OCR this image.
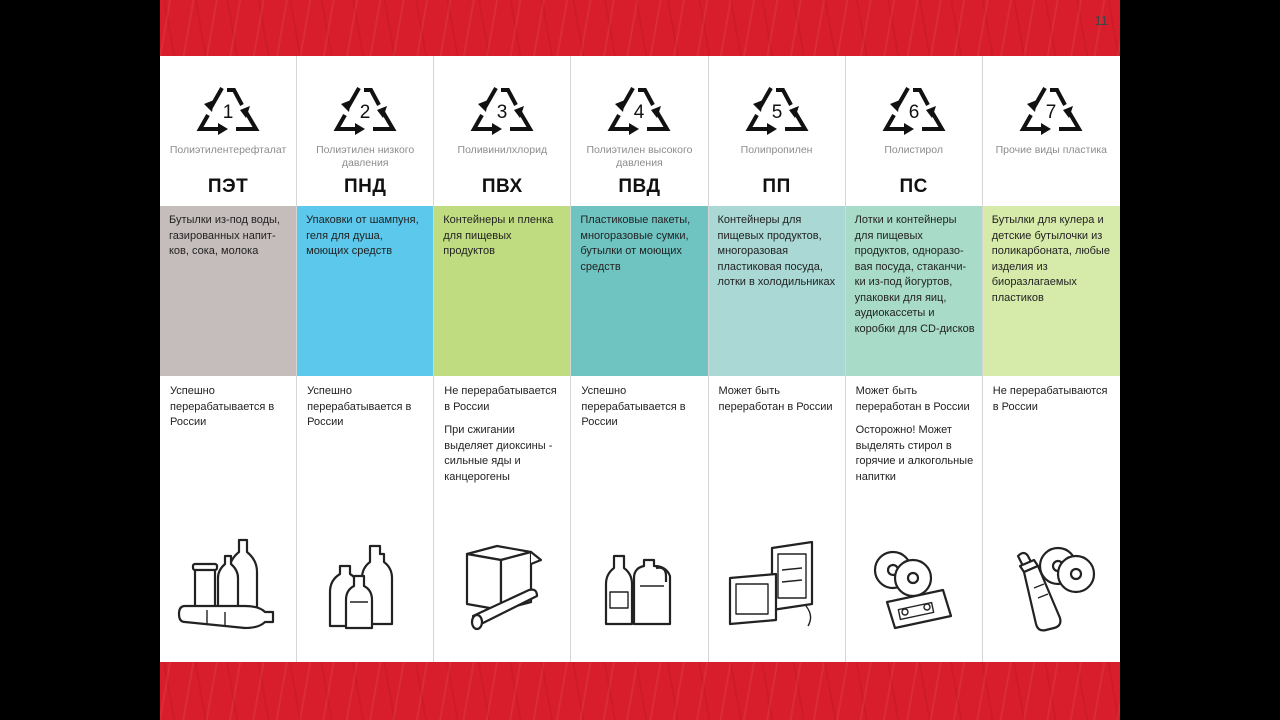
11
1
Полиэтилентерефталат
ПЭТ
Бутылки из-под воды, газированных напит-ков, сока, молока
Успешно перерабатывается в России
2
Полиэтилен низкого давления
ПНД
Упаковки от шампуня, геля для душа, моющих средств
Успешно перерабатывается в России
3
Поливинилхлорид
ПВХ
Контейнеры и пленка для пищевых продуктов
Не перерабатывается в России
При сжигании выделяет диоксины - сильные яды и канцерогены
4
Полиэтилен высокого давления
ПВД
Пластиковые пакеты, многоразовые сумки, бутылки от моющих средств
Успешно перерабатывается в России
5
Полипропилен
ПП
Контейнеры для пищевых продуктов, многоразовая пластиковая посуда, лотки в холодильниках
Может быть переработан в России
6
Полистирол
ПС
Лотки и контейнеры для пищевых продуктов, одноразо-вая посуда, стаканчи-ки из-под йогуртов, упаковки для яиц, аудиокассеты и коробки для CD-дисков
Может быть переработан в России
Осторожно! Может выделять стирол в горячие и алкогольные напитки
7
Прочие виды пластика
Бутылки для кулера и детские бутылочки из поликарбоната, любые изделия из биоразлагаемых пластиков
Не перерабатываются в России
